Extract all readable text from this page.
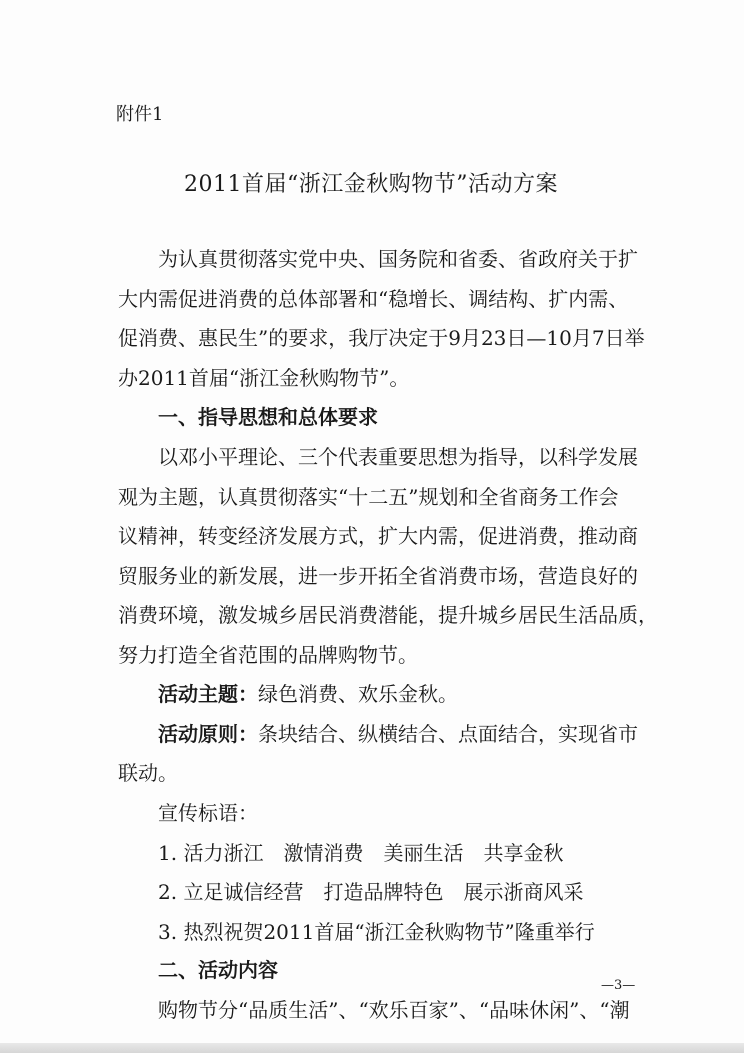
附件1
2011首届“浙江金秋购物节”活动方案
为认真贯彻落实党中央、国务院和省委、省政府关于扩
大内需促进消费的总体部署和“稳增长、调结构、扩内需、
促消费、惠民生”的要求，我厅决定于9月23日—10月7日举
办2011首届“浙江金秋购物节”。
一、指导思想和总体要求
以邓小平理论、三个代表重要思想为指导，以科学发展
观为主题，认真贯彻落实“十二五”规划和全省商务工作会
议精神，转变经济发展方式，扩大内需，促进消费，推动商
贸服务业的新发展，进一步开拓全省消费市场，营造良好的
消费环境，激发城乡居民消费潜能，提升城乡居民生活品质，
努力打造全省范围的品牌购物节。
活动主题：绿色消费、欢乐金秋。
活动原则：条块结合、纵横结合、点面结合，实现省市
联动。
宣传标语：
1. 活力浙江　激情消费　美丽生活　共享金秋
2. 立足诚信经营　打造品牌特色　展示浙商风采
3. 热烈祝贺2011首届“浙江金秋购物节”隆重举行
二、活动内容
购物节分“品质生活”、“欢乐百家”、“品味休闲”、“潮
—3—
